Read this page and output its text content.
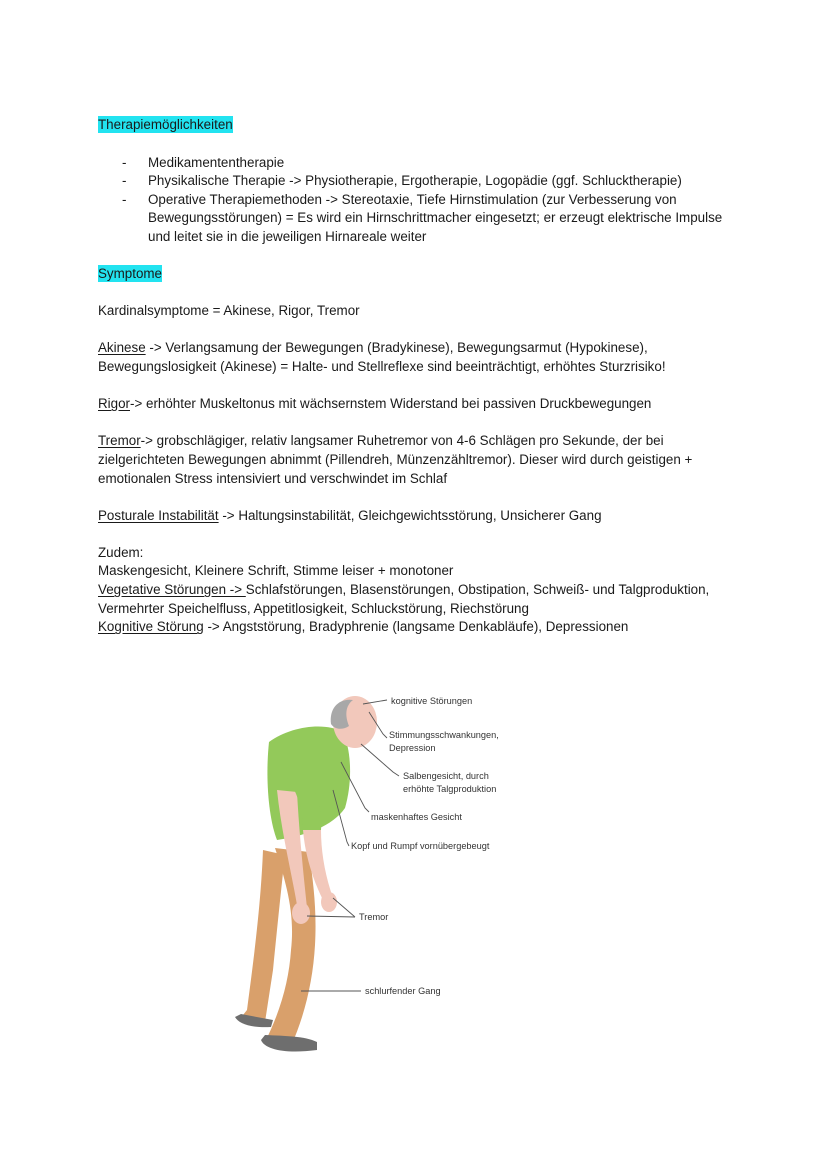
Therapiemöglichkeiten

- Medikamententherapie
- Physikalische Therapie -> Physiotherapie, Ergotherapie, Logopädie (ggf. Schlucktherapie)
- Operative Therapiemethoden -> Stereotaxie, Tiefe Hirnstimulation (zur Verbesserung von Bewegungsstörungen) = Es wird ein Hirnschrittmacher eingesetzt; er erzeugt elektrische Impulse und leitet sie in die jeweiligen Hirnareale weiter

Symptome

Kardinalsymptome = Akinese, Rigor, Tremor

Akinese -> Verlangsamung der Bewegungen (Bradykinese), Bewegungsarmut (Hypokinese), Bewegungslosigkeit (Akinese) = Halte- und Stellreflexe sind beeinträchtigt, erhöhtes Sturzrisiko!

Rigor-> erhöhter Muskeltonus mit wächsernstem Widerstand bei passiven Druckbewegungen

Tremor-> grobschlägiger, relativ langsamer Ruhetremor von 4-6 Schlägen pro Sekunde, der bei zielgerichteten Bewegungen abnimmt (Pillendreh, Münzenzähltremor). Dieser wird durch geistigen + emotionalen Stress intensiviert und verschwindet im Schlaf

Posturale Instabilität -> Haltungsinstabilität, Gleichgewichtsstörung, Unsicherer Gang

Zudem:

Maskengesicht, Kleinere Schrift, Stimme leiser + monotoner

Vegetative Störungen -> Schlafstörungen, Blasenstörungen, Obstipation, Schweiß- und Talgproduktion, Vermehrter Speichelfluss, Appetitlosigkeit, Schluckstörung, Riechstörung

Kognitive Störung -> Angststörung, Bradyphrenie (langsame Denkabläufe), Depressionen

kognitive Störungen
Stimmungsschwankungen,
Depression
Salbengesicht, durch
erhöhte Talgproduktion
maskenhaftes Gesicht
Kopf und Rumpf vornübergebeugt
Tremor
schlurfender Gang
